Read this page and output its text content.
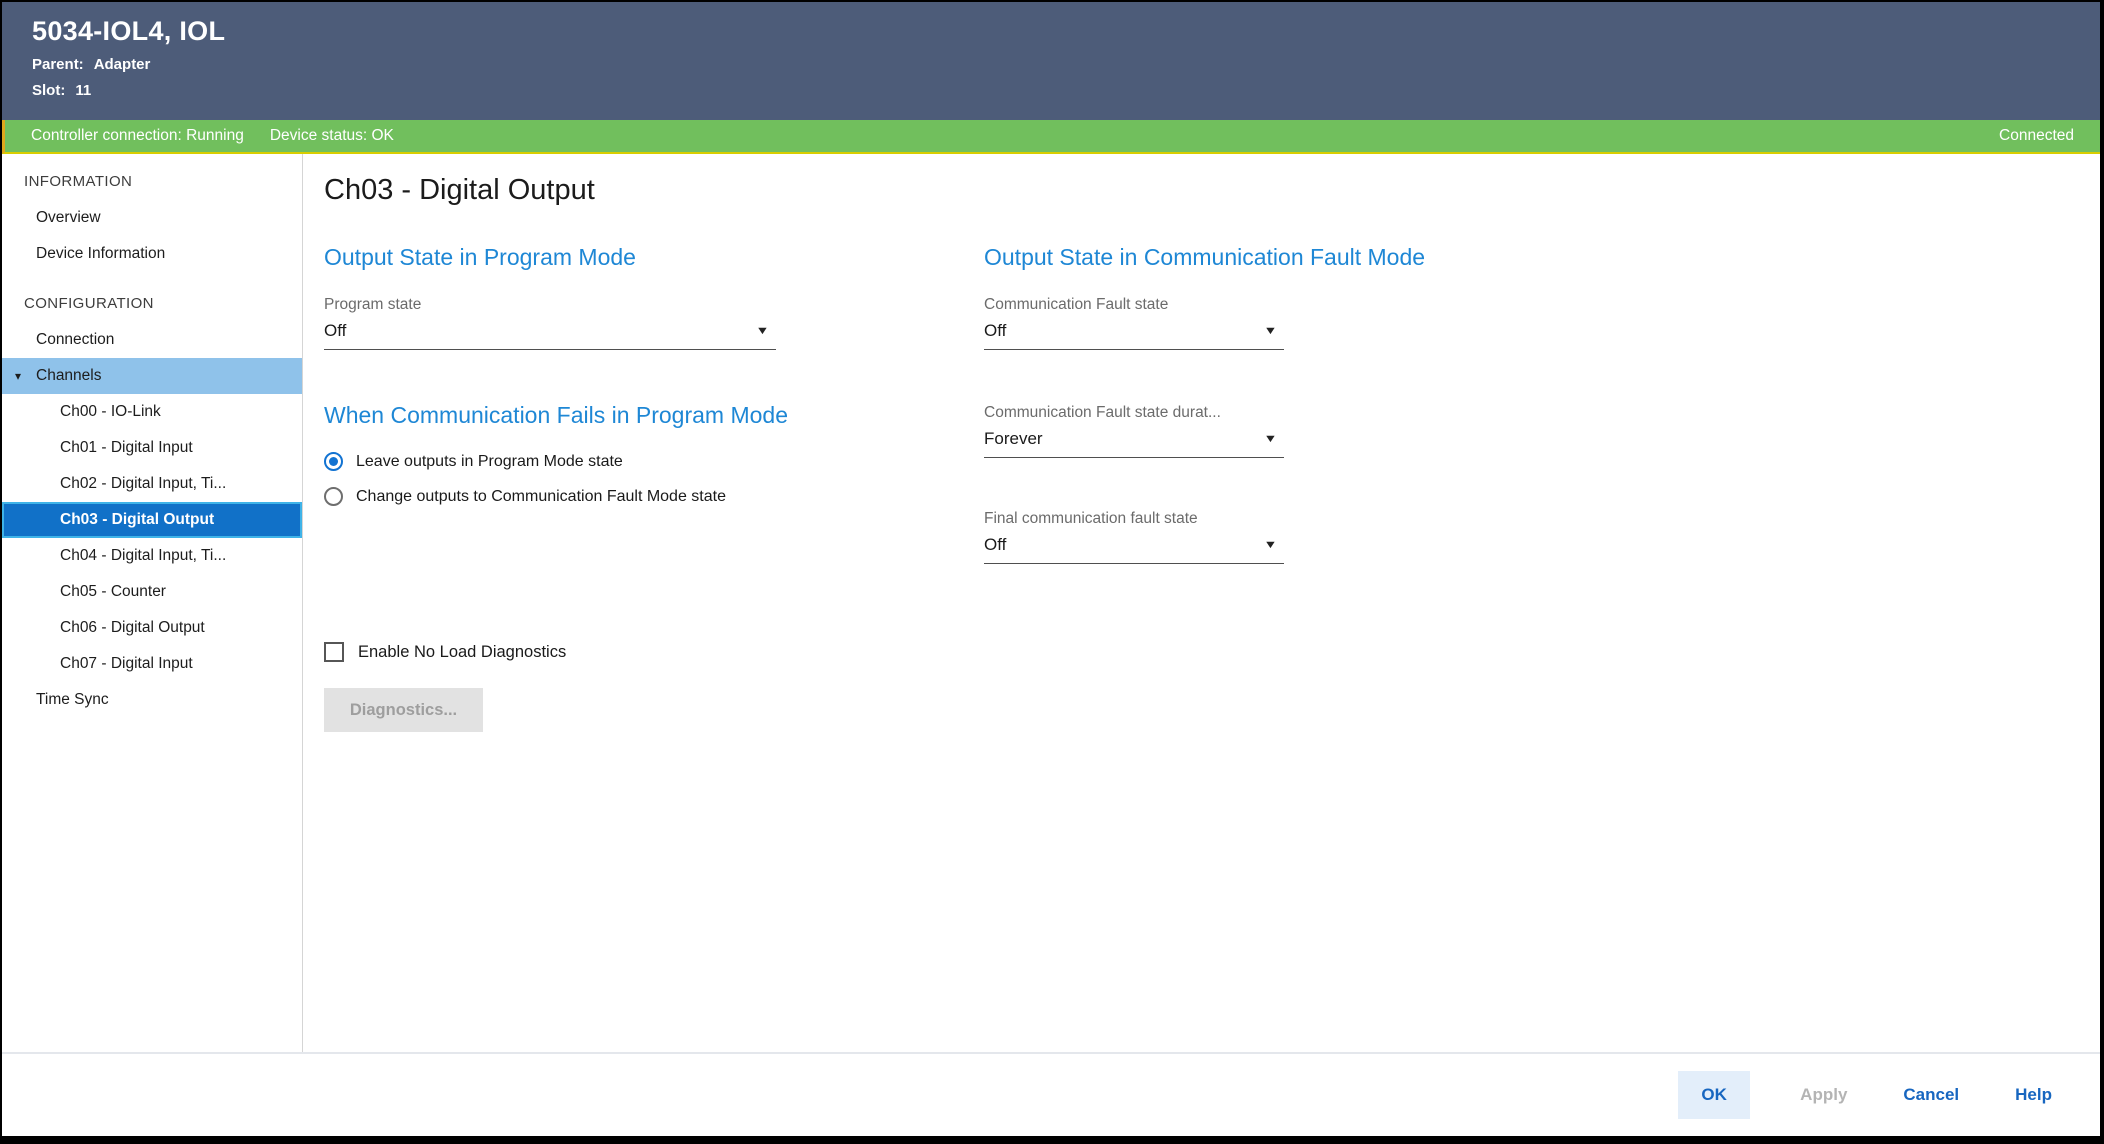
5034-IOL4, IOL
Parent: Adapter
Slot: 11
Controller connection: Running Device status: OK	Connected
INFORMATION
Overview
Device Information
CONFIGURATION
Connection
▾ Channels
Ch00 - IO-Link
Ch01 - Digital Input
Ch02 - Digital Input, Ti...
Ch03 - Digital Output
Ch04 - Digital Input, Ti...
Ch05 - Counter
Ch06 - Digital Output
Ch07 - Digital Input
Time Sync
Ch03 - Digital Output
Output State in Program Mode
Program state
Off	▼
When Communication Fails in Program Mode
Leave outputs in Program Mode state
Change outputs to Communication Fault Mode state
Enable No Load Diagnostics
Diagnostics...
Output State in Communication Fault Mode
Communication Fault state
Off	▼
Communication Fault state durat...
Forever	▼
Final communication fault state
Off	▼
OK	Apply	Cancel	Help
